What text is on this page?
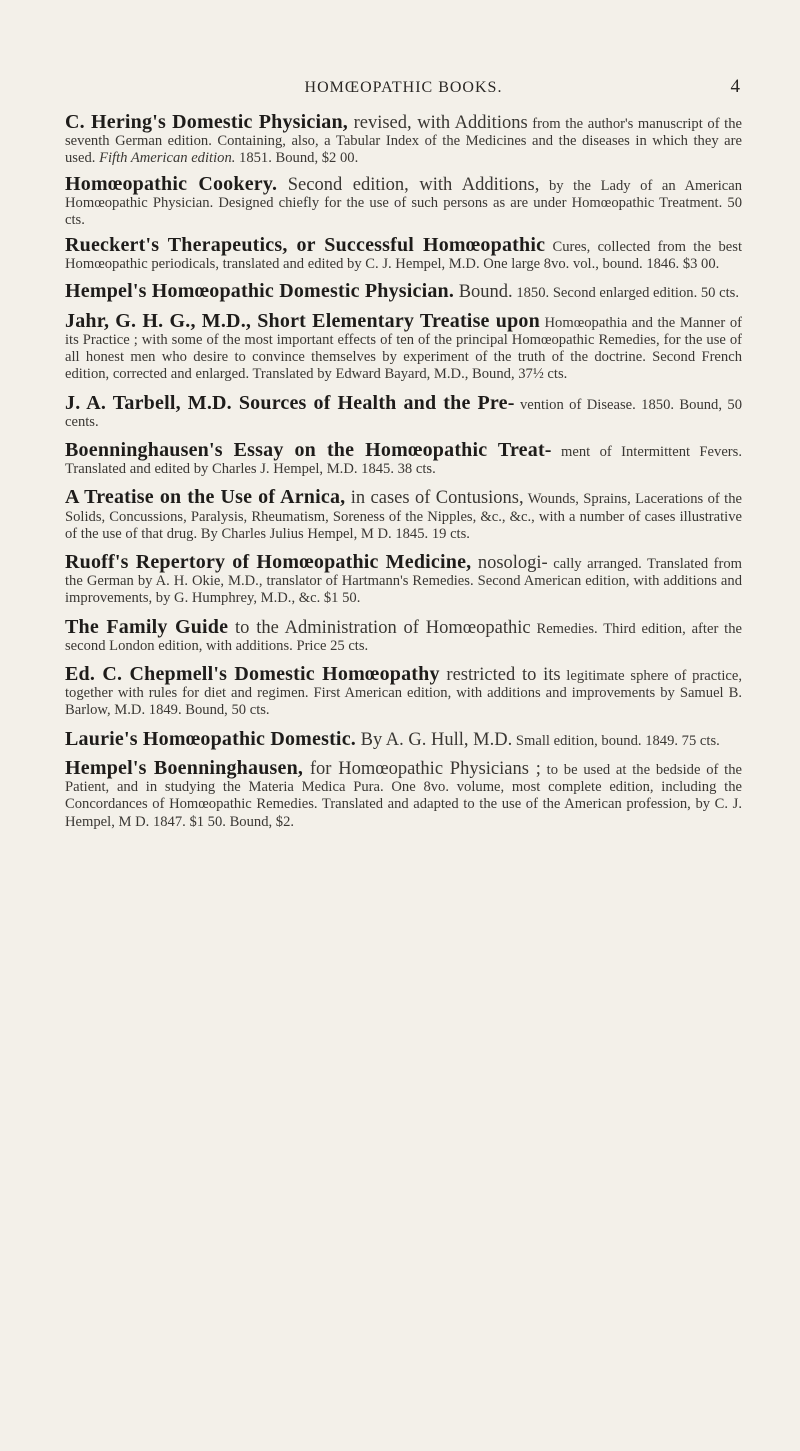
HOMŒOPATHIC BOOKS.	4

C. Hering's Domestic Physician, revised, with Additions from the author's manuscript of the seventh German edition. Containing, also, a Tabular Index of the Medicines and the diseases in which they are used. Fifth American edition. 1851. Bound, $2 00.

Homœopathic Cookery. Second edition, with Additions, by the Lady of an American Homœopathic Physician. Designed chiefly for the use of such persons as are under Homœopathic Treatment. 50 cts.

Rueckert's Therapeutics, or Successful Homœopathic Cures, collected from the best Homœopathic periodicals, translated and edited by C. J. Hempel, M.D. One large 8vo. vol., bound. 1846. $3 00.

Hempel's Homœopathic Domestic Physician. Bound. 1850. Second enlarged edition. 50 cts.

Jahr, G. H. G., M.D., Short Elementary Treatise upon Homœopathia and the Manner of its Practice ; with some of the most important effects of ten of the principal Homœopathic Remedies, for the use of all honest men who desire to convince themselves by experiment of the truth of the doctrine. Second French edition, corrected and enlarged. Translated by Edward Bayard, M.D., Bound, 37½ cts.

J. A. Tarbell, M.D. Sources of Health and the Pre- vention of Disease. 1850. Bound, 50 cents.

Boenninghausen's Essay on the Homœopathic Treat- ment of Intermittent Fevers. Translated and edited by Charles J. Hempel, M.D. 1845. 38 cts.

A Treatise on the Use of Arnica, in cases of Contusions, Wounds, Sprains, Lacerations of the Solids, Concussions, Paralysis, Rheumatism, Soreness of the Nipples, &c., &c., with a number of cases illustrative of the use of that drug. By Charles Julius Hempel, M D. 1845. 19 cts.

Ruoff's Repertory of Homœopathic Medicine, nosologi- cally arranged. Translated from the German by A. H. Okie, M.D., translator of Hartmann's Remedies. Second American edition, with additions and improvements, by G. Humphrey, M.D., &c. $1 50.

The Family Guide to the Administration of Homœopathic Remedies. Third edition, after the second London edition, with additions. Price 25 cts.

Ed. C. Chepmell's Domestic Homœopathy restricted to its legitimate sphere of practice, together with rules for diet and regimen. First American edition, with additions and improvements by Samuel B. Barlow, M.D. 1849. Bound, 50 cts.

Laurie's Homœopathic Domestic. By A. G. Hull, M.D. Small edition, bound. 1849. 75 cts.

Hempel's Boenninghausen, for Homœopathic Physicians ; to be used at the bedside of the Patient, and in studying the Materia Medica Pura. One 8vo. volume, most complete edition, including the Concordances of Homœopathic Remedies. Translated and adapted to the use of the American profession, by C. J. Hempel, M D. 1847. $1 50. Bound, $2.
